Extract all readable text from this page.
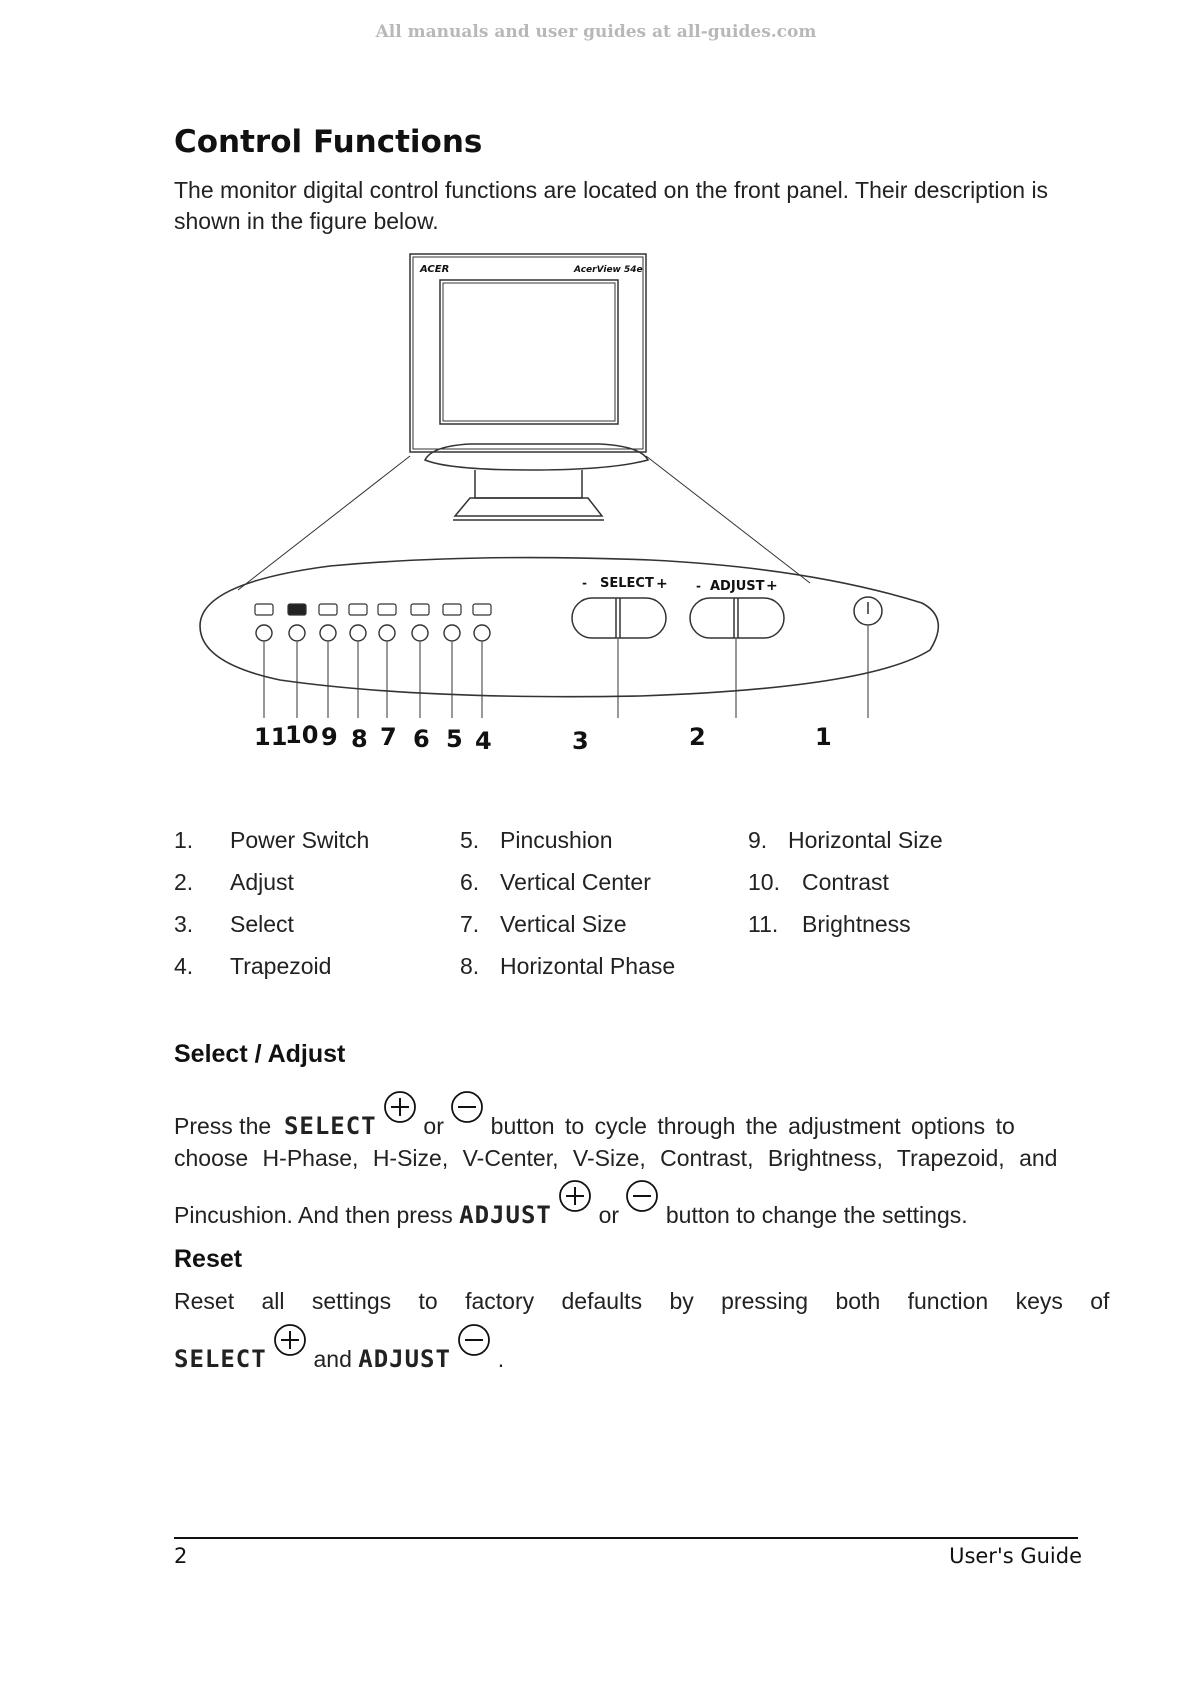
All manuals and user guides at all-guides.com
Control Functions
The monitor digital control functions are located on the front panel. Their description is shown in the figure below.
ACER	AcerView 54e
- SELECT + - ADJUST +
11
10 9 8 7 6 5 4	3	2	1
1. Power Switch
2. Adjust
3. Select
4. Trapezoid
5. Pincushion
6. Vertical Center
7. Vertical Size
8. Horizontal Phase
9. Horizontal Size
10. Contrast
11. Brightness
Select / Adjust
Press the SELECT or button to cycle through the adjustment options to
choose H-Phase, H-Size, V-Center, V-Size, Contrast, Brightness, Trapezoid, and
Pincushion. And then press ADJUST or button to change the settings.
Reset
Reset all settings to factory defaults by pressing both function keys of
SELECT and ADJUST .
2	User's Guide
